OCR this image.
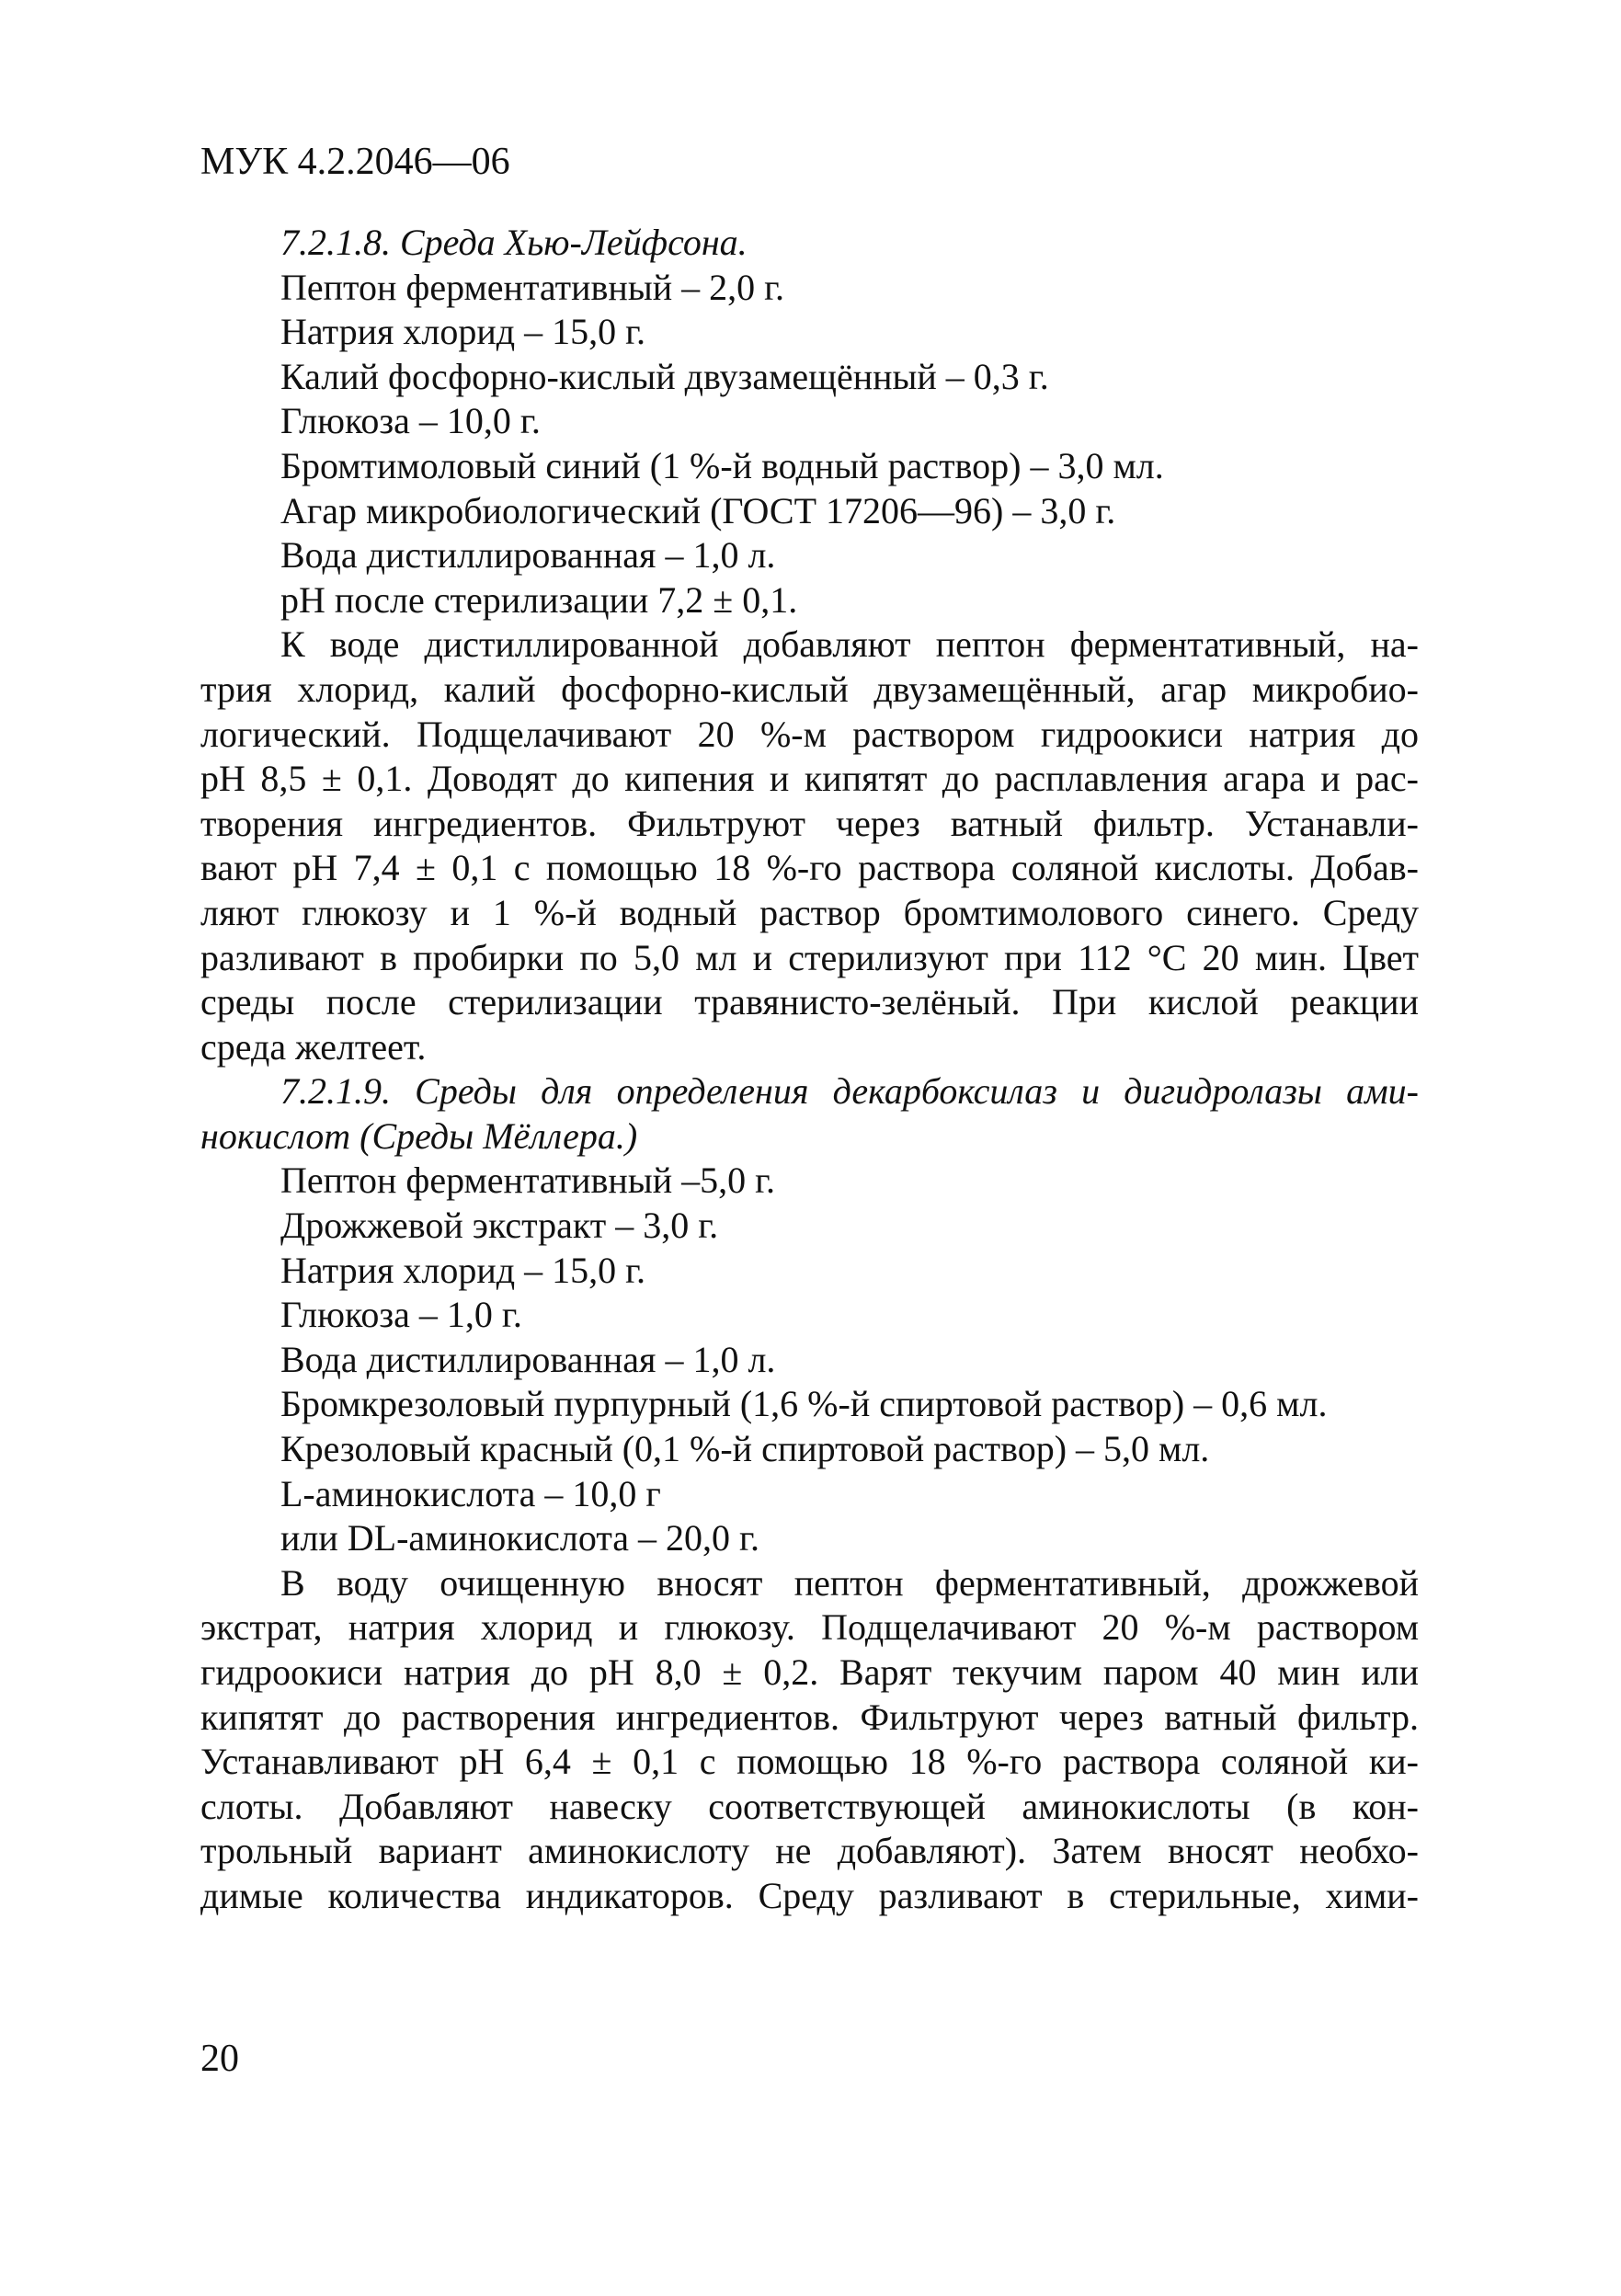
МУК 4.2.2046—06
7.2.1.8. Среда Хью-Лейфсона.
Пептон ферментативный – 2,0 г.
Натрия хлорид – 15,0 г.
Калий фосфорно-кислый двузамещённый – 0,3 г.
Глюкоза – 10,0 г.
Бромтимоловый синий (1 %-й водный раствор) – 3,0 мл.
Агар микробиологический (ГОСТ 17206—96) – 3,0 г.
Вода дистиллированная – 1,0 л.
pH после стерилизации 7,2 ± 0,1.
К воде дистиллированной добавляют пептон ферментативный, на-
трия хлорид, калий фосфорно-кислый двузамещённый, агар микробио-
логический. Подщелачивают 20 %-м раствором гидроокиси натрия до
pH 8,5 ± 0,1. Доводят до кипения и кипятят до расплавления агара и рас-
творения ингредиентов. Фильтруют через ватный фильтр. Устанавли-
вают pH 7,4 ± 0,1 с помощью 18 %-го раствора соляной кислоты. Добав-
ляют глюкозу и 1 %-й водный раствор бромтимолового синего. Среду
разливают в пробирки по 5,0 мл и стерилизуют при 112 °С 20 мин. Цвет
среды после стерилизации травянисто-зелёный. При кислой реакции
среда желтеет.
7.2.1.9. Среды для определения декарбоксилаз и дигидролазы ами-
нокислот (Среды Мёллера.)
Пептон ферментативный –5,0 г.
Дрожжевой экстракт – 3,0 г.
Натрия хлорид – 15,0 г.
Глюкоза – 1,0 г.
Вода дистиллированная – 1,0 л.
Бромкрезоловый пурпурный (1,6 %-й спиртовой раствор) – 0,6 мл.
Крезоловый красный (0,1 %-й спиртовой раствор) – 5,0 мл.
L-аминокислота – 10,0 г
или DL-аминокислота – 20,0 г.
В воду очищенную вносят пептон ферментативный, дрожжевой
экстрат, натрия хлорид и глюкозу. Подщелачивают 20 %-м раствором
гидроокиси натрия до pH 8,0 ± 0,2. Варят текучим паром 40 мин или
кипятят до растворения ингредиентов. Фильтруют через ватный фильтр.
Устанавливают pH 6,4 ± 0,1 с помощью 18 %-го раствора соляной ки-
слоты. Добавляют навеску соответствующей аминокислоты (в кон-
трольный вариант аминокислоту не добавляют). Затем вносят необхо-
димые количества индикаторов. Среду разливают в стерильные, хими-
20
